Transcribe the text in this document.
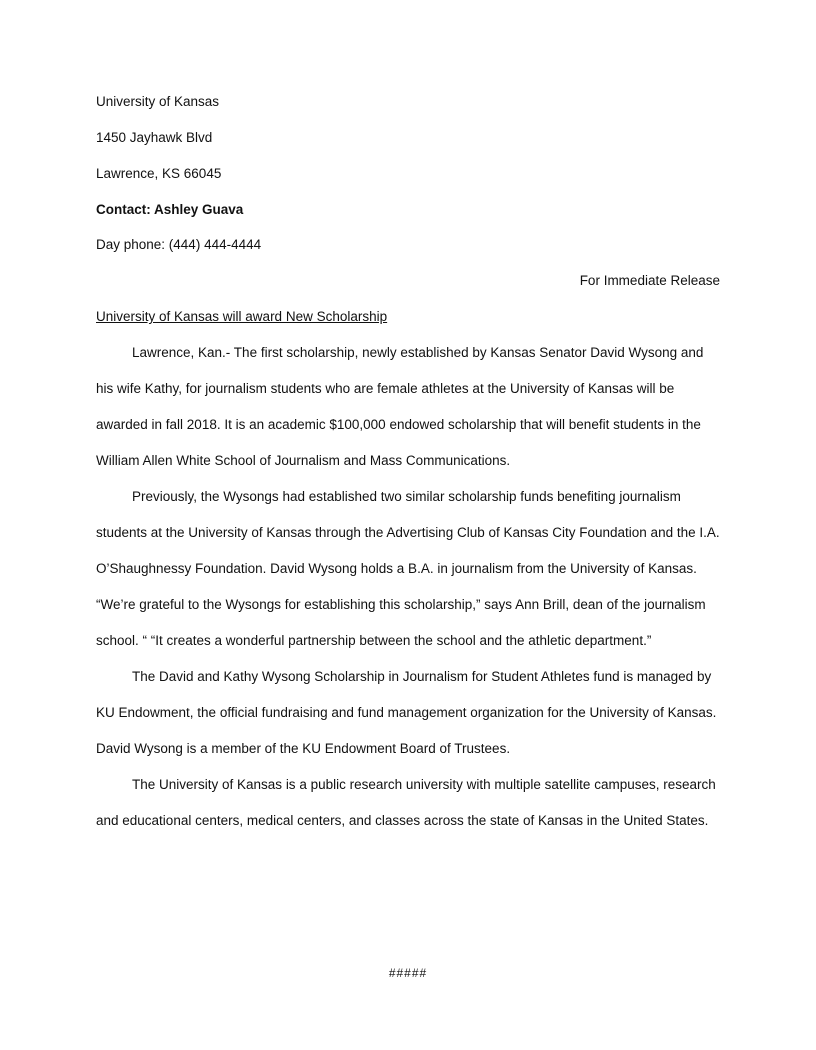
University of Kansas
1450 Jayhawk Blvd
Lawrence, KS 66045
Contact: Ashley Guava
Day phone: (444) 444-4444
For Immediate Release
University of Kansas will award New Scholarship

Lawrence, Kan.- The first scholarship, newly established by Kansas Senator David Wysong and his wife Kathy, for journalism students who are female athletes at the University of Kansas will be awarded in fall 2018. It is an academic $100,000 endowed scholarship that will benefit students in the William Allen White School of Journalism and Mass Communications.

Previously, the Wysongs had established two similar scholarship funds benefiting journalism students at the University of Kansas through the Advertising Club of Kansas City Foundation and the I.A. O’Shaughnessy Foundation. David Wysong holds a B.A. in journalism from the University of Kansas.

“We’re grateful to the Wysongs for establishing this scholarship,” says Ann Brill, dean of the journalism school. “ “It creates a wonderful partnership between the school and the athletic department.”

The David and Kathy Wysong Scholarship in Journalism for Student Athletes fund is managed by KU Endowment, the official fundraising and fund management organization for the University of Kansas. David Wysong is a member of the KU Endowment Board of Trustees.

The University of Kansas is a public research university with multiple satellite campuses, research and educational centers, medical centers, and classes across the state of Kansas in the United States.

#####
